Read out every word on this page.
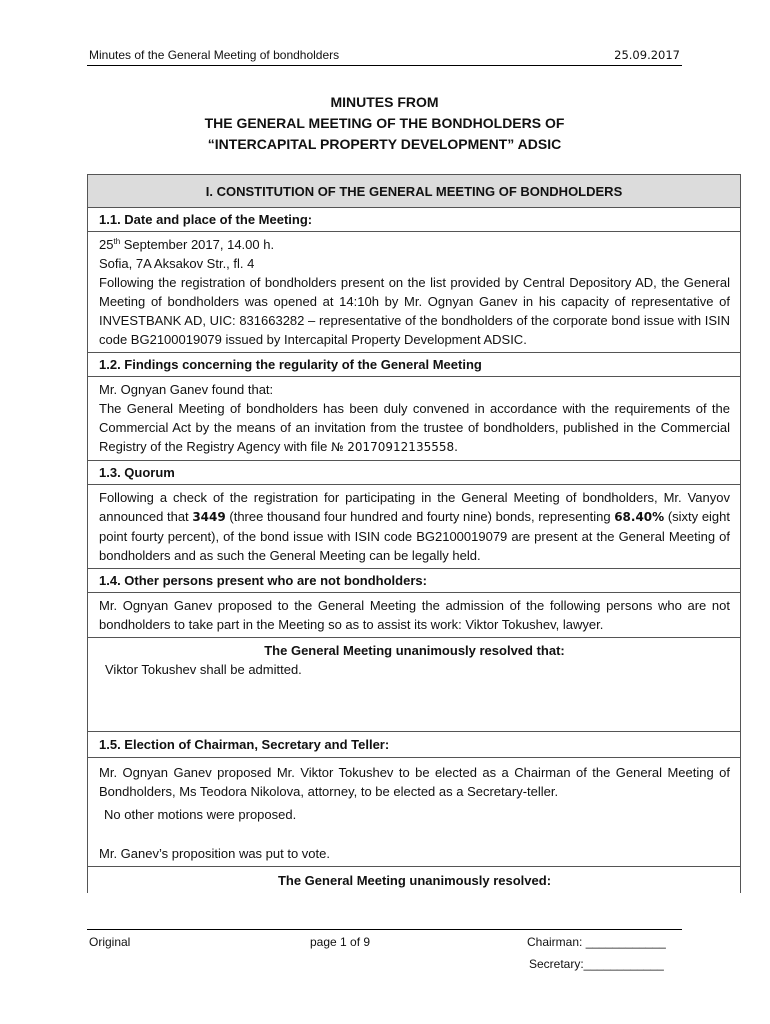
Minutes of the General Meeting of bondholders	25.09.2017
MINUTES FROM
THE GENERAL MEETING OF THE BONDHOLDERS OF
“INTERCAPITAL PROPERTY DEVELOPMENT” ADSIC
I. CONSTITUTION OF THE GENERAL MEETING OF BONDHOLDERS
1.1. Date and place of the Meeting:

25th September 2017, 14.00 h.

Sofia, 7A Aksakov Str., fl. 4

Following the registration of bondholders present on the list provided by Central Depository AD, the General Meeting of bondholders was opened at 14:10h by Mr. Ognyan Ganev in his capacity of representative of INVESTBANK AD, UIC: 831663282 – representative of the bondholders of the corporate bond issue with ISIN code BG2100019079 issued by Intercapital Property Development ADSIC.

1.2. Findings concerning the regularity of the General Meeting

Mr. Ognyan Ganev found that:

The General Meeting of bondholders has been duly convened in accordance with the requirements of the Commercial Act by the means of an invitation from the trustee of bondholders, published in the Commercial Registry of the Registry Agency with file № 20170912135558.

1.3. Quorum

Following a check of the registration for participating in the General Meeting of bondholders, Mr. Vanyov announced that 3449 (three thousand four hundred and fourty nine) bonds, representing 68.40% (sixty eight point fourty percent), of the bond issue with ISIN code BG2100019079 are present at the General Meeting of bondholders and as such the General Meeting can be legally held.

1.4. Other persons present who are not bondholders:

Mr. Ognyan Ganev proposed to the General Meeting the admission of the following persons who are not bondholders to take part in the Meeting so as to assist its work: Viktor Tokushev, lawyer.

The General Meeting unanimously resolved that:

Viktor Tokushev shall be admitted.

1.5. Election of Chairman, Secretary and Teller:

Mr. Ognyan Ganev proposed Mr. Viktor Tokushev to be elected as a Chairman of the General Meeting of Bondholders, Ms Teodora Nikolova, attorney, to be elected as a Secretary-teller.

No other motions were proposed.

Mr. Ganev’s proposition was put to vote.

The General Meeting unanimously resolved:

Original	page 1 of 9	Chairman: ____________
Secretary:____________
